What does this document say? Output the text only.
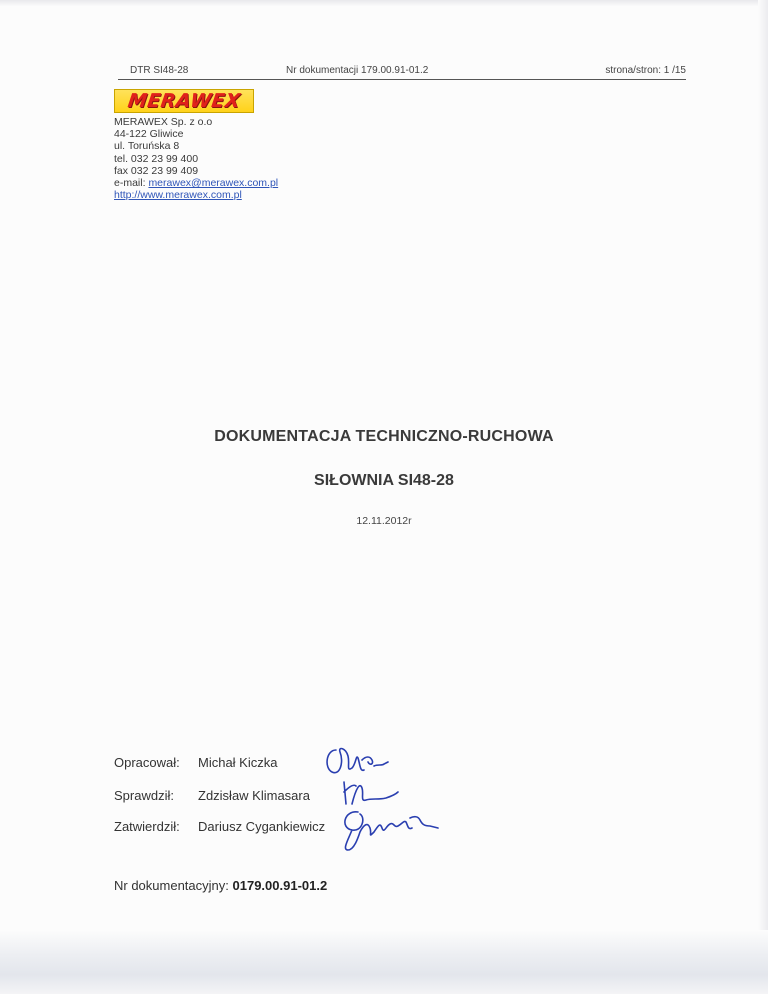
DTR SI48-28	Nr dokumentacji 179.00.91-01.2	strona/stron: 1 /15
MERAWEX
MERAWEX Sp. z o.o
44-122 Gliwice
ul. Toruńska 8
tel. 032 23 99 400
fax 032 23 99 409
e-mail: merawex@merawex.com.pl
http://www.merawex.com.pl
DOKUMENTACJA TECHNICZNO-RUCHOWA
SIŁOWNIA SI48-28
12.11.2012r
Opracował: Michał Kiczka
Sprawdził: Zdzisław Klimasara
Zatwierdził: Dariusz Cygankiewicz
Nr dokumentacyjny: 0179.00.91-01.2
